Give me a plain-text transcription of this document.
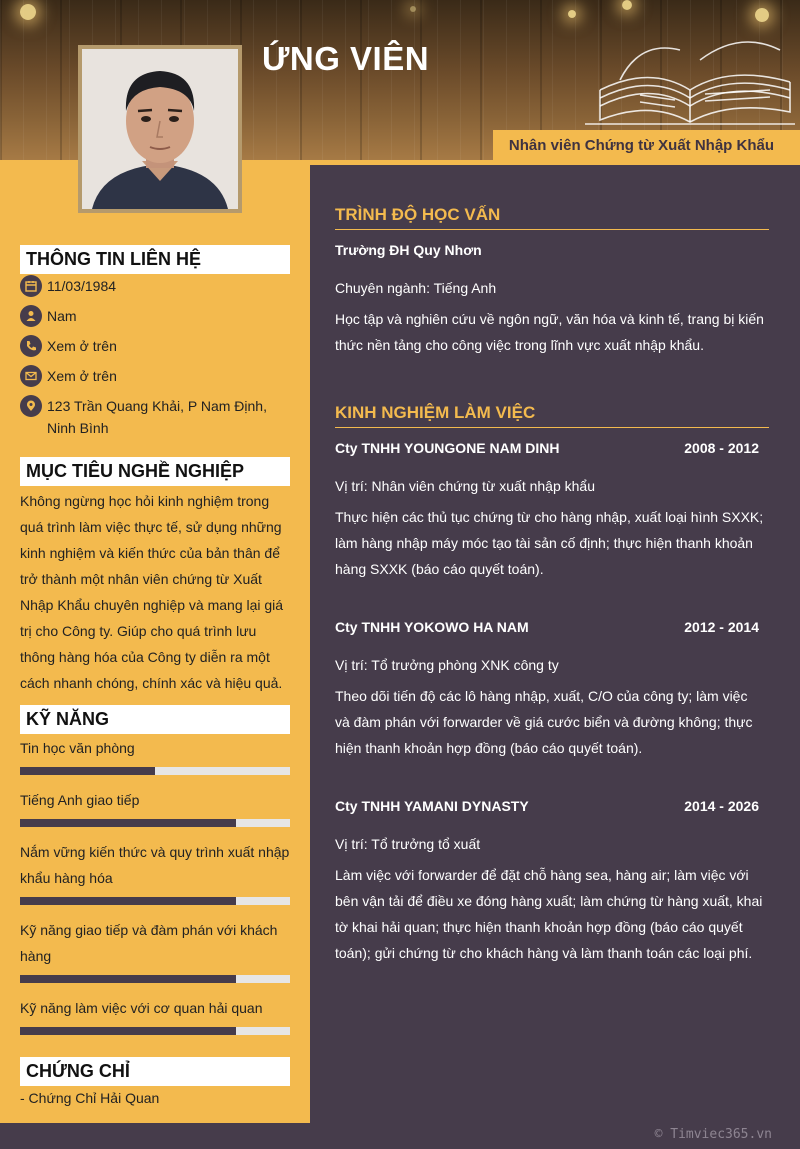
ỨNG VIÊN
Nhân viên Chứng từ Xuất Nhập Khẩu
THÔNG TIN LIÊN HỆ
11/03/1984
Nam
Xem ở trên
Xem ở trên
123 Trần Quang Khải, P Nam Định, Ninh Bình
MỤC TIÊU NGHỀ NGHIỆP
Không ngừng học hỏi kinh nghiệm trong quá trình làm việc thực tế, sử dụng những kinh nghiệm và kiến thức của bản thân để trở thành một nhân viên chứng từ Xuất Nhập Khẩu chuyên nghiệp và mang lại giá trị cho Công ty. Giúp cho quá trình lưu thông hàng hóa của Công ty diễn ra một cách nhanh chóng, chính xác và hiệu quả.
KỸ NĂNG
Tin học văn phòng
Tiếng Anh giao tiếp
Nắm vững kiến thức và quy trình xuất nhập khẩu hàng hóa
Kỹ năng giao tiếp và đàm phán với khách hàng
Kỹ năng làm việc với cơ quan hải quan
CHỨNG CHỈ
- Chứng Chỉ Hải Quan
TRÌNH ĐỘ HỌC VẤN
Trường ĐH Quy Nhơn
Chuyên ngành: Tiếng Anh
Học tập và nghiên cứu về ngôn ngữ, văn hóa và kinh tế, trang bị kiến thức nền tảng cho công việc trong lĩnh vực xuất nhập khẩu.
KINH NGHIỆM LÀM VIỆC
Cty TNHH YOUNGONE NAM DINH	2008 - 2012
Vị trí: Nhân viên chứng từ xuất nhập khẩu
Thực hiện các thủ tục chứng từ cho hàng nhập, xuất loại hình SXXK; làm hàng nhập máy móc tạo tài sản cố định; thực hiện thanh khoản hàng SXXK (báo cáo quyết toán).
Cty TNHH YOKOWO HA NAM	2012 - 2014
Vị trí: Tổ trưởng phòng XNK công ty
Theo dõi tiến độ các lô hàng nhập, xuất, C/O của công ty; làm việc và đàm phán với forwarder về giá cước biển và đường không; thực hiện thanh khoản hợp đồng (báo cáo quyết toán).
Cty TNHH YAMANI DYNASTY	2014 - 2026
Vị trí: Tổ trưởng tổ xuất
Làm việc với forwarder để đặt chỗ hàng sea, hàng air; làm việc với bên vận tải để điều xe đóng hàng xuất; làm chứng từ hàng xuất, khai tờ khai hải quan; thực hiện thanh khoản hợp đồng (báo cáo quyết toán); gửi chứng từ cho khách hàng và làm thanh toán các loại phí.
© Timviec365.vn
